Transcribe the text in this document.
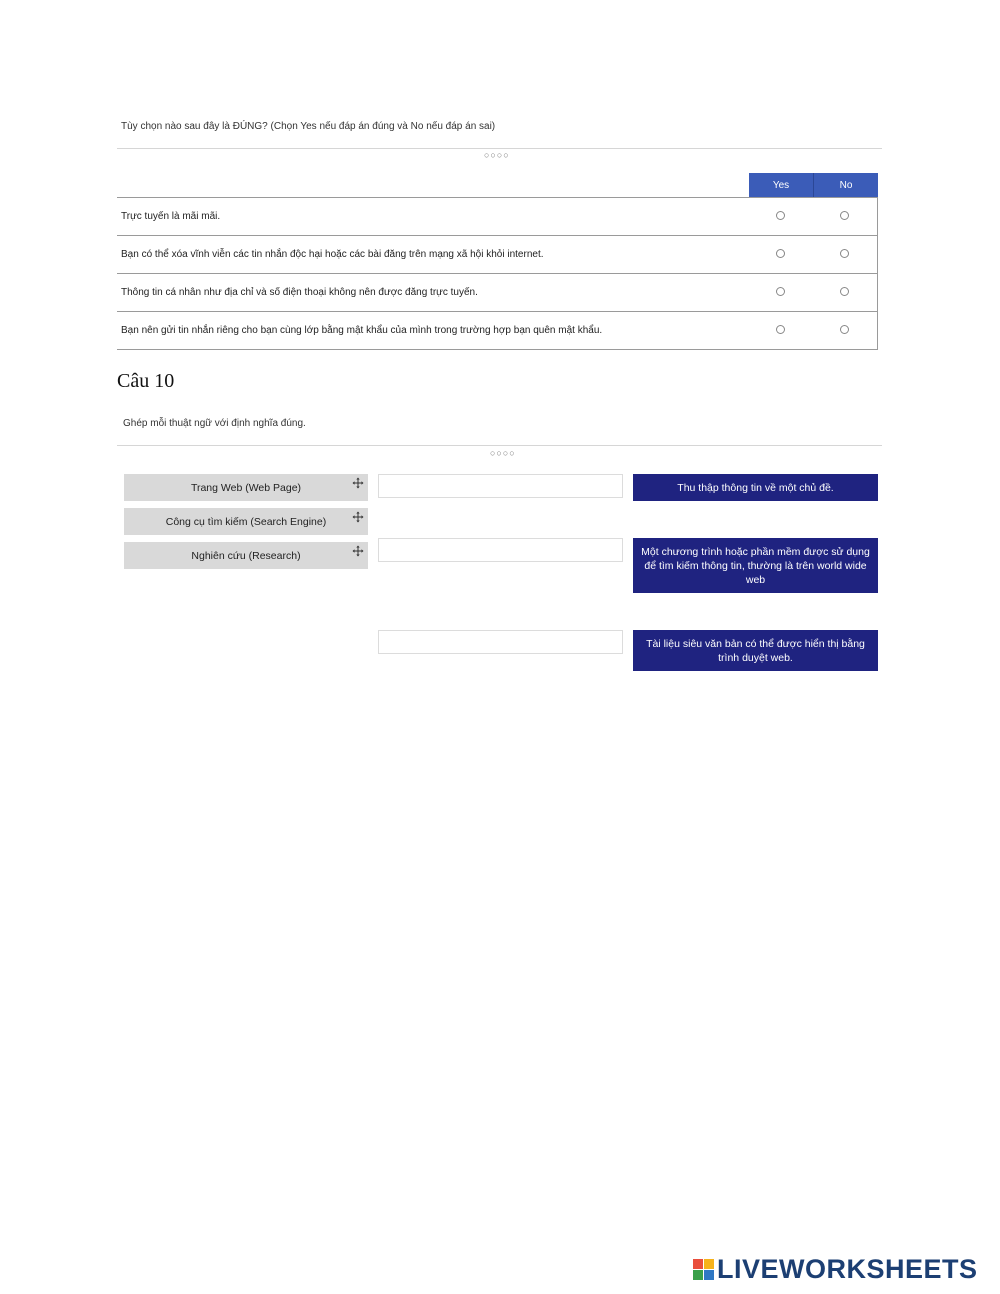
Tùy chọn nào sau đây là ĐÚNG? (Chọn Yes nếu đáp án đúng và No nếu đáp án sai)
○○○○
Yes	No
Trực tuyến là mãi mãi.
Bạn có thể xóa vĩnh viễn các tin nhắn độc hại hoặc các bài đăng trên mạng xã hội khỏi internet.
Thông tin cá nhân như địa chỉ và số điện thoại không nên được đăng trực tuyến.
Bạn nên gửi tin nhắn riêng cho bạn cùng lớp bằng mật khẩu của mình trong trường hợp bạn quên mật khẩu.
Câu 10
Ghép mỗi thuật ngữ với định nghĩa đúng.
○○○○
Trang Web (Web Page)
Công cụ tìm kiếm (Search Engine)
Nghiên cứu (Research)
Thu thập thông tin về một chủ đề.
Một chương trình hoặc phần mềm được sử dụng để tìm kiếm thông tin, thường là trên world wide web
Tài liệu siêu văn bản có thể được hiển thị bằng trình duyệt web.
LIVEWORKSHEETS
